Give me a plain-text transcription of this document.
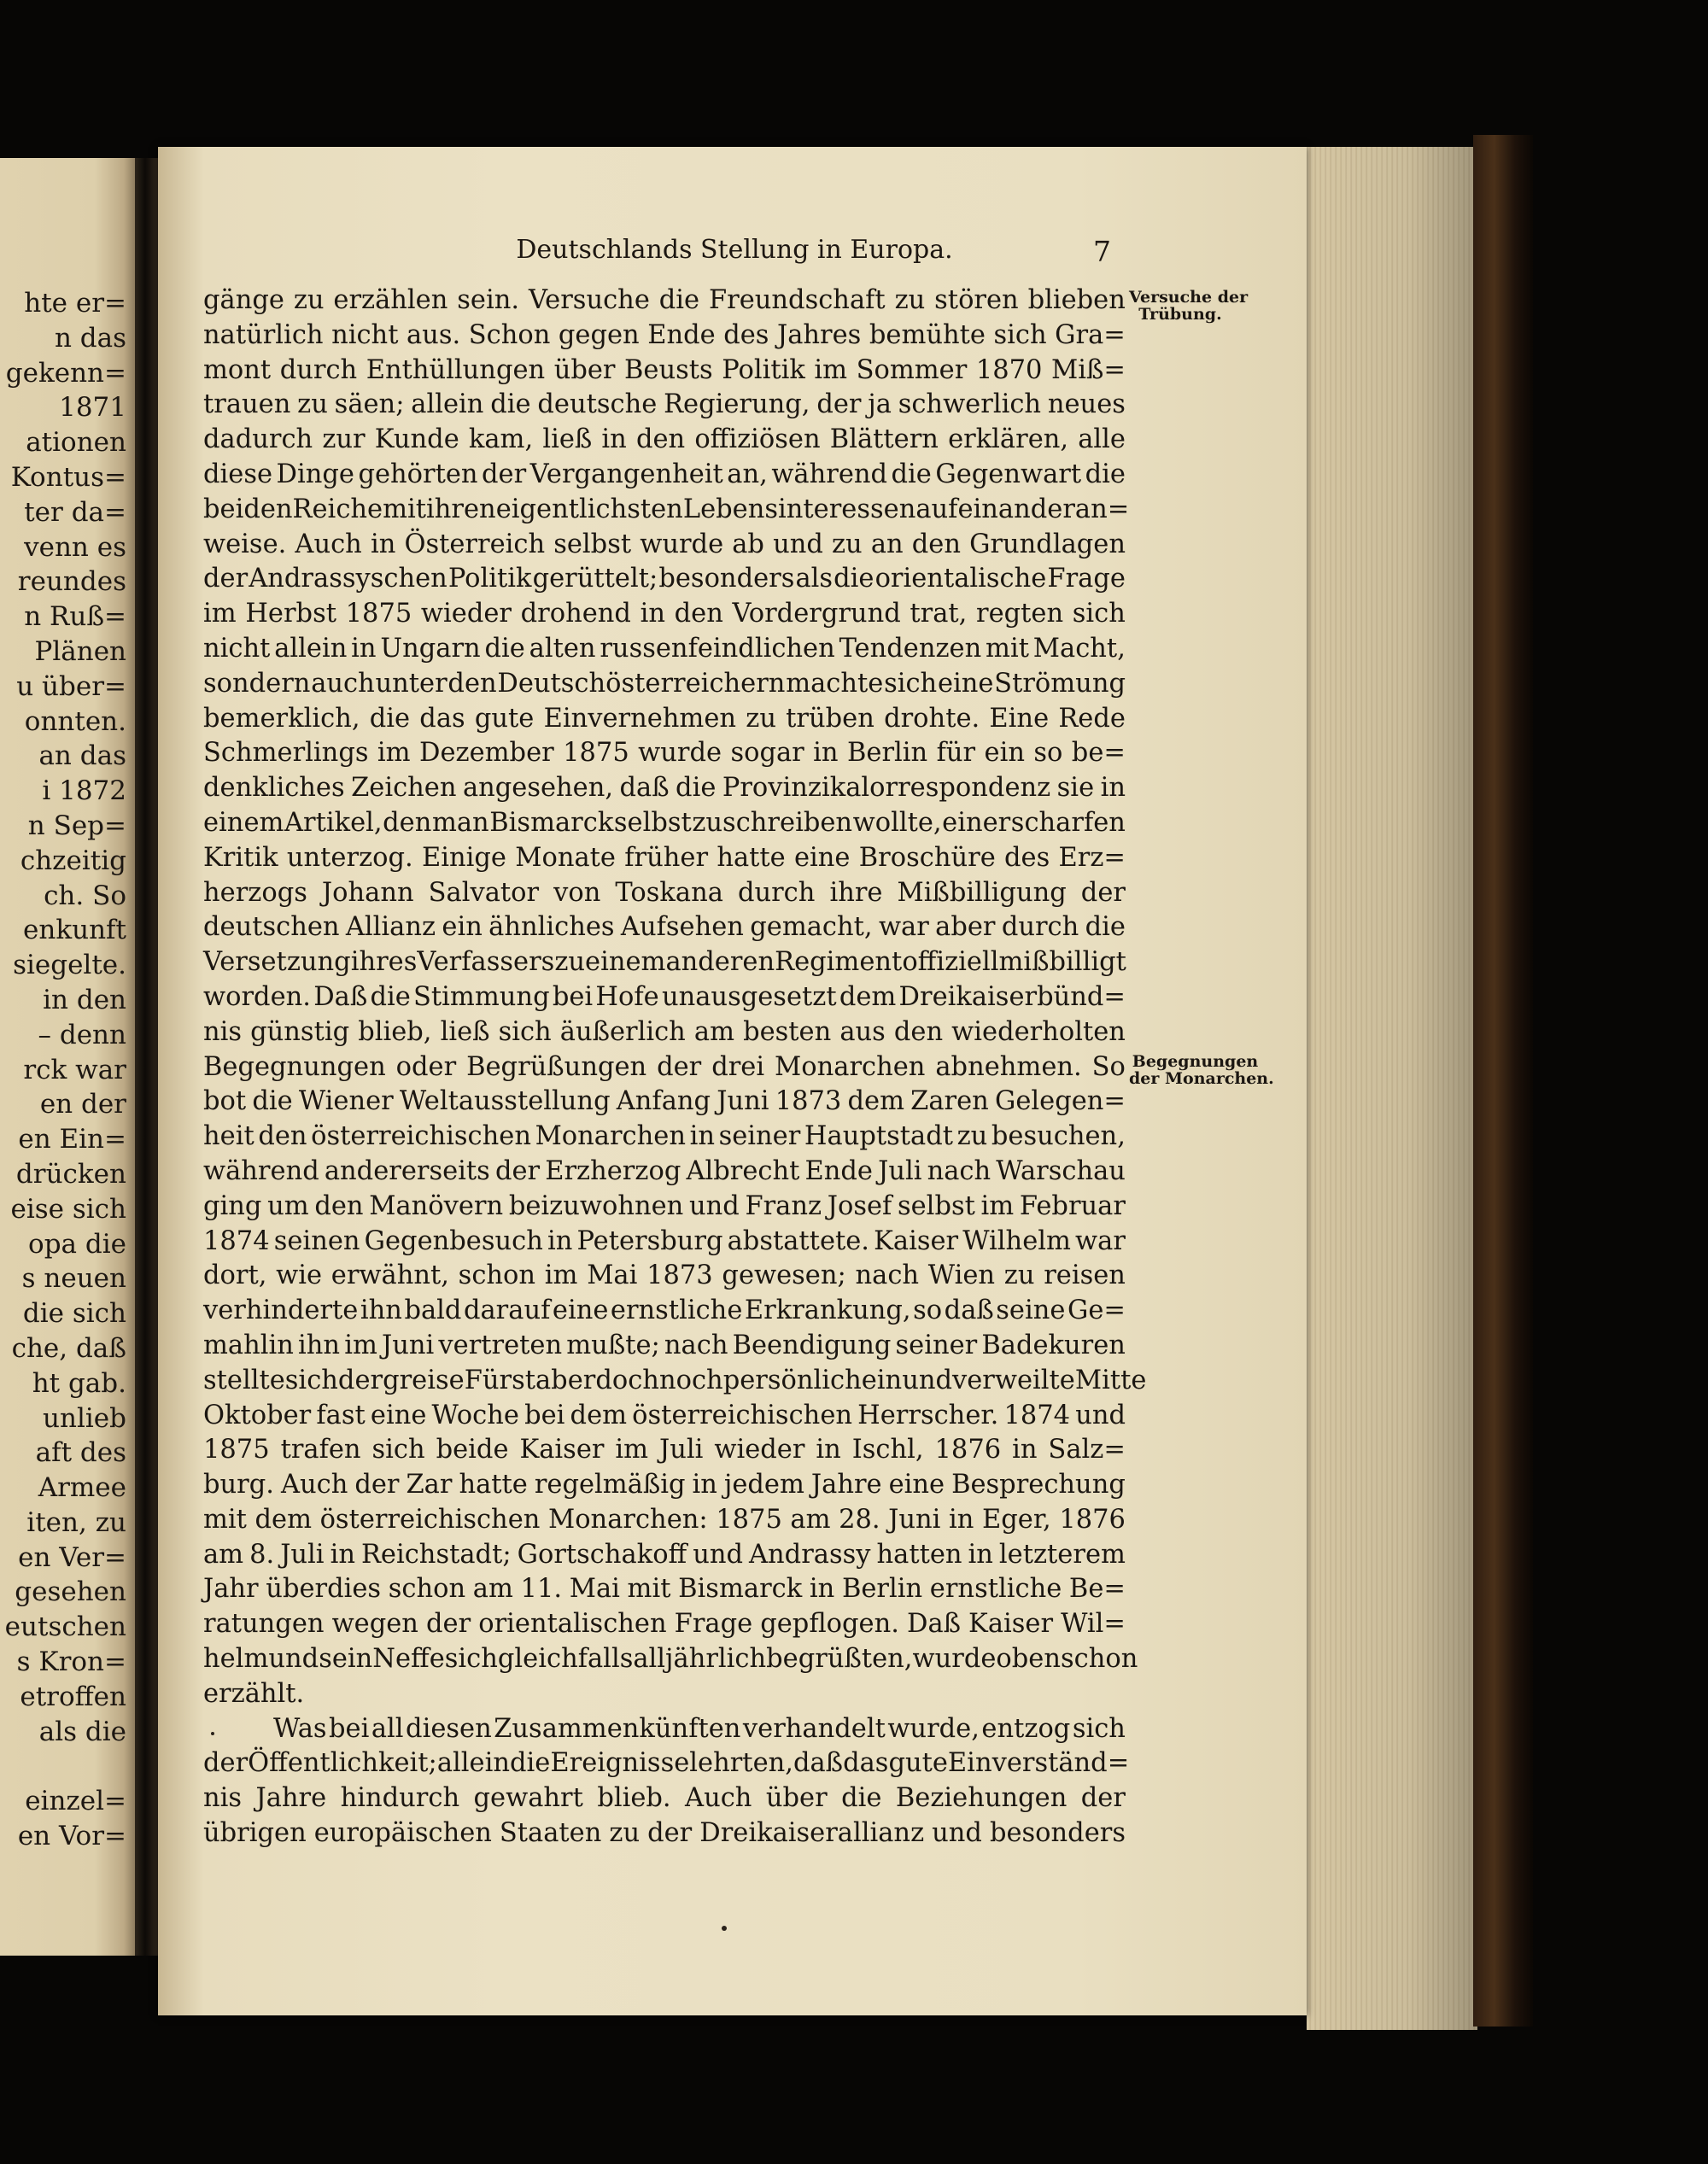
hte er=
n das
gekenn=
1871
ationen
Kontus=
ter da=
venn es
reundes
n Ruß=
Plänen
u über=
onnten.
an das
i 1872
n Sep=
chzeitig
ch. So
enkunft
siegelte.
in den
– denn
rck war
en der
en Ein=
drücken
eise sich
opa die
s neuen
die sich
che, daß
ht gab.
unlieb
aft des
Armee
iten, zu
en Ver=
gesehen
eutschen
s Kron=
etroffen
als die
einzel=
en Vor=
Deutschlands Stellung in Europa.	7
Versuche der
Trübung.
Begegnungen
der Monarchen.
gänge zu erzählen sein. Versuche die Freundschaft zu stören blieben
natürlich nicht aus. Schon gegen Ende des Jahres bemühte sich Gra=
mont durch Enthüllungen über Beusts Politik im Sommer 1870 Miß=
trauen zu säen; allein die deutsche Regierung, der ja schwerlich neues
dadurch zur Kunde kam, ließ in den offiziösen Blättern erklären, alle
diese Dinge gehörten der Vergangenheit an, während die Gegenwart die
beiden Reiche mit ihren eigentlichsten Lebensinteressen auf einander an=
weise. Auch in Österreich selbst wurde ab und zu an den Grundlagen
der Andrassyschen Politik gerüttelt; besonders als die orientalische Frage
im Herbst 1875 wieder drohend in den Vordergrund trat, regten sich
nicht allein in Ungarn die alten russenfeindlichen Tendenzen mit Macht,
sondern auch unter den Deutschösterreichern machte sich eine Strömung
bemerklich, die das gute Einvernehmen zu trüben drohte. Eine Rede
Schmerlings im Dezember 1875 wurde sogar in Berlin für ein so be=
denkliches Zeichen angesehen, daß die Provinzikalorrespondenz sie in
einem Artikel, den man Bismarck selbst zuschreiben wollte, einer scharfen
Kritik unterzog. Einige Monate früher hatte eine Broschüre des Erz=
herzogs Johann Salvator von Toskana durch ihre Mißbilligung der
deutschen Allianz ein ähnliches Aufsehen gemacht, war aber durch die
Versetzung ihres Verfassers zu einem anderen Regiment offiziell mißbilligt
worden. Daß die Stimmung bei Hofe unausgesetzt dem Dreikaiserbünd=
nis günstig blieb, ließ sich äußerlich am besten aus den wiederholten
Begegnungen oder Begrüßungen der drei Monarchen abnehmen. So
bot die Wiener Weltausstellung Anfang Juni 1873 dem Zaren Gelegen=
heit den österreichischen Monarchen in seiner Hauptstadt zu besuchen,
während andererseits der Erzherzog Albrecht Ende Juli nach Warschau
ging um den Manövern beizuwohnen und Franz Josef selbst im Februar
1874 seinen Gegenbesuch in Petersburg abstattete. Kaiser Wilhelm war
dort, wie erwähnt, schon im Mai 1873 gewesen; nach Wien zu reisen
verhinderte ihn bald darauf eine ernstliche Erkrankung, so daß seine Ge=
mahlin ihn im Juni vertreten mußte; nach Beendigung seiner Badekuren
stellte sich der greise Fürst aber doch noch persönlich ein und verweilte Mitte
Oktober fast eine Woche bei dem österreichischen Herrscher. 1874 und
1875 trafen sich beide Kaiser im Juli wieder in Ischl, 1876 in Salz=
burg. Auch der Zar hatte regelmäßig in jedem Jahre eine Besprechung
mit dem österreichischen Monarchen: 1875 am 28. Juni in Eger, 1876
am 8. Juli in Reichstadt; Gortschakoff und Andrassy hatten in letzterem
Jahr überdies schon am 11. Mai mit Bismarck in Berlin ernstliche Be=
ratungen wegen der orientalischen Frage gepflogen. Daß Kaiser Wil=
helm und sein Neffe sich gleichfalls alljährlich begrüßten, wurde oben schon
erzählt.
Was bei all diesen Zusammenkünften verhandelt wurde, entzog sich
der Öffentlichkeit; allein die Ereignisse lehrten, daß das gute Einverständ=
nis Jahre hindurch gewahrt blieb. Auch über die Beziehungen der
übrigen europäischen Staaten zu der Dreikaiserallianz und besonders
